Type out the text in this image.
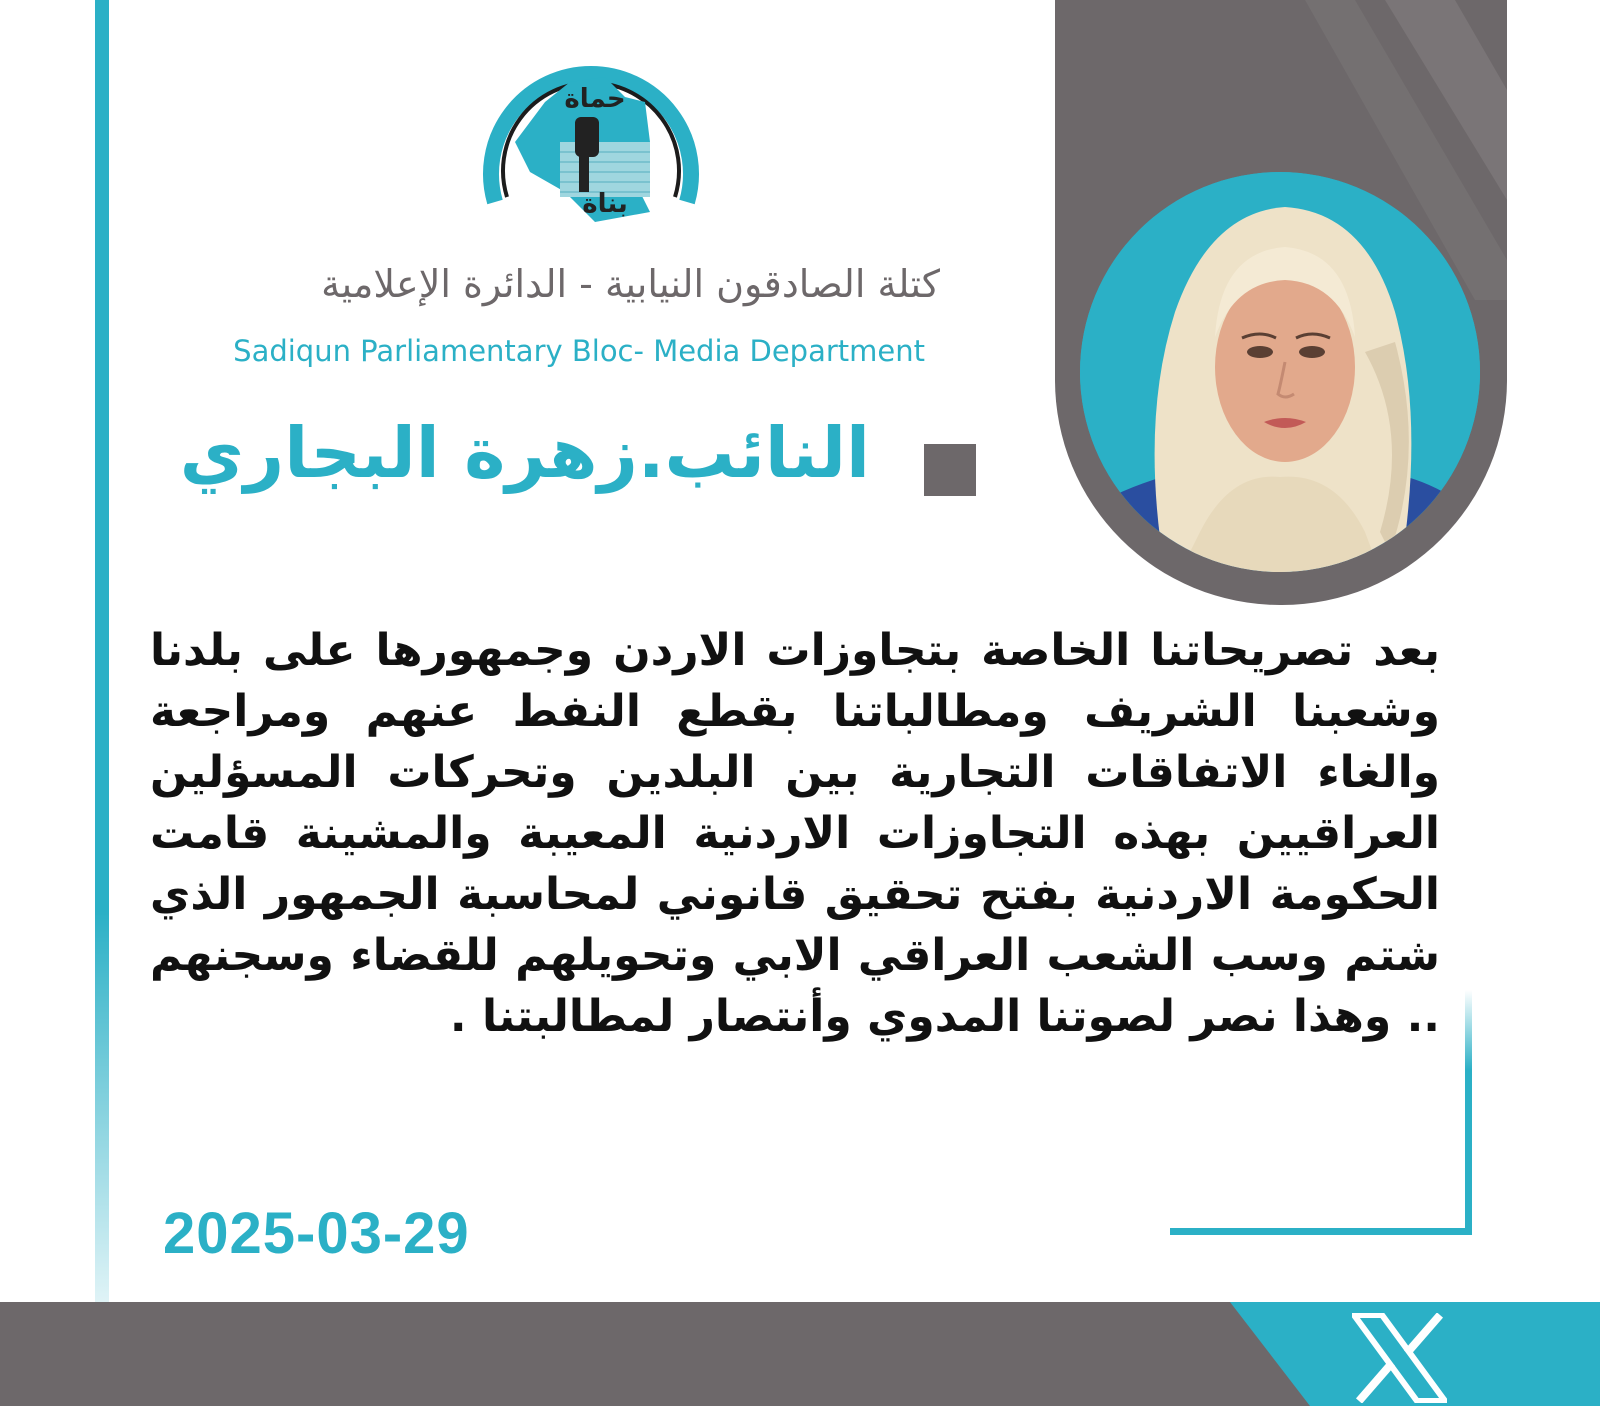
حماة
بناة
كتلة الصادقون النيابية - الدائرة الإعلامية
Sadiqun Parliamentary Bloc- Media Department
النائب.زهرة البجاري
بعد تصريحاتنا الخاصة بتجاوزات الاردن وجمهورها على بلدنا وشعبنا الشريف ومطالباتنا بقطع النفط عنهم ومراجعة والغاء الاتفاقات التجارية بين البلدين وتحركات المسؤلين العراقيين بهذه التجاوزات الاردنية المعيبة والمشينة قامت الحكومة الاردنية بفتح تحقيق قانوني لمحاسبة الجمهور الذي شتم وسب الشعب العراقي الابي وتحويلهم للقضاء وسجنهم .. وهذا نصر لصوتنا المدوي وأنتصار لمطالبتنا .
2025-03-29
